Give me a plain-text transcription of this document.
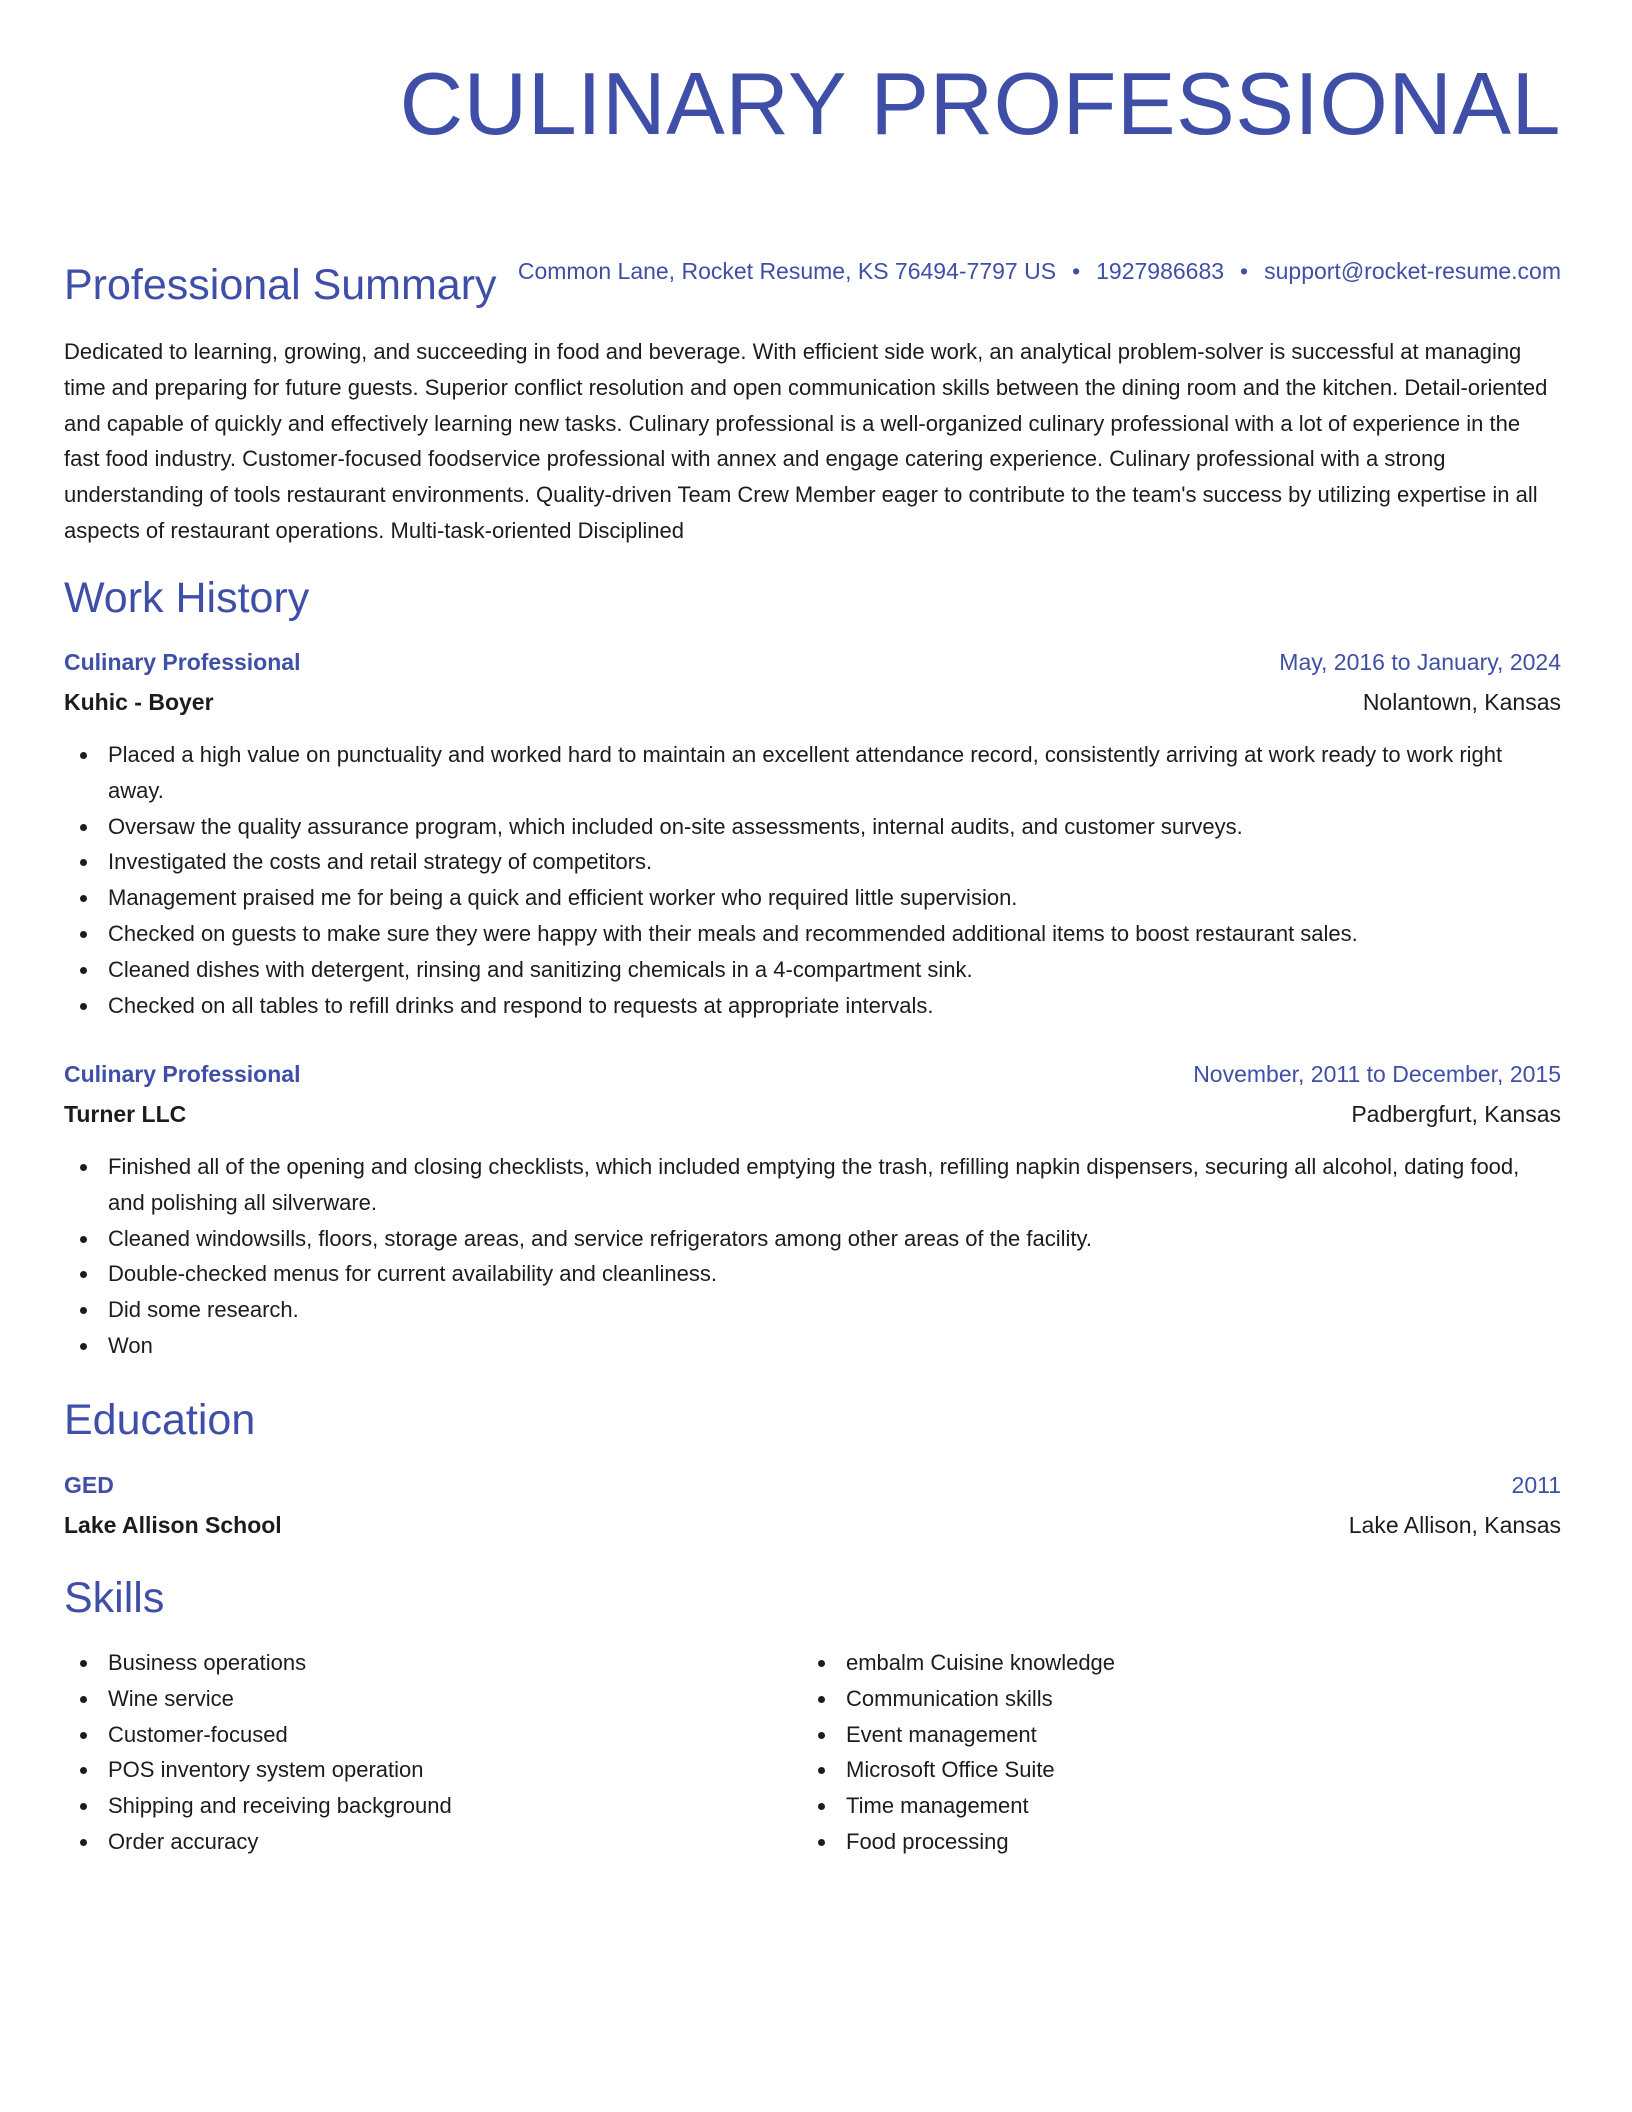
CULINARY PROFESSIONAL
Common Lane, Rocket Resume, KS 76494-7797 US • 1927986683 • support@rocket-resume.com
Professional Summary
Dedicated to learning, growing, and succeeding in food and beverage. With efficient side work, an analytical problem-solver is successful at managing time and preparing for future guests. Superior conflict resolution and open communication skills between the dining room and the kitchen. Detail-oriented and capable of quickly and effectively learning new tasks. Culinary professional is a well-organized culinary professional with a lot of experience in the fast food industry. Customer-focused foodservice professional with annex and engage catering experience. Culinary professional with a strong understanding of tools restaurant environments. Quality-driven Team Crew Member eager to contribute to the team's success by utilizing expertise in all aspects of restaurant operations. Multi-task-oriented Disciplined
Work History
Culinary Professional	May, 2016 to January, 2024
Kuhic - Boyer	Nolantown, Kansas
Placed a high value on punctuality and worked hard to maintain an excellent attendance record, consistently arriving at work ready to work right away.
Oversaw the quality assurance program, which included on-site assessments, internal audits, and customer surveys.
Investigated the costs and retail strategy of competitors.
Management praised me for being a quick and efficient worker who required little supervision.
Checked on guests to make sure they were happy with their meals and recommended additional items to boost restaurant sales.
Cleaned dishes with detergent, rinsing and sanitizing chemicals in a 4-compartment sink.
Checked on all tables to refill drinks and respond to requests at appropriate intervals.
Culinary Professional	November, 2011 to December, 2015
Turner LLC	Padbergfurt, Kansas
Finished all of the opening and closing checklists, which included emptying the trash, refilling napkin dispensers, securing all alcohol, dating food, and polishing all silverware.
Cleaned windowsills, floors, storage areas, and service refrigerators among other areas of the facility.
Double-checked menus for current availability and cleanliness.
Did some research.
Won
Education
GED	2011
Lake Allison School	Lake Allison, Kansas
Skills
Business operations
Wine service
Customer-focused
POS inventory system operation
Shipping and receiving background
Order accuracy
embalm Cuisine knowledge
Communication skills
Event management
Microsoft Office Suite
Time management
Food processing
